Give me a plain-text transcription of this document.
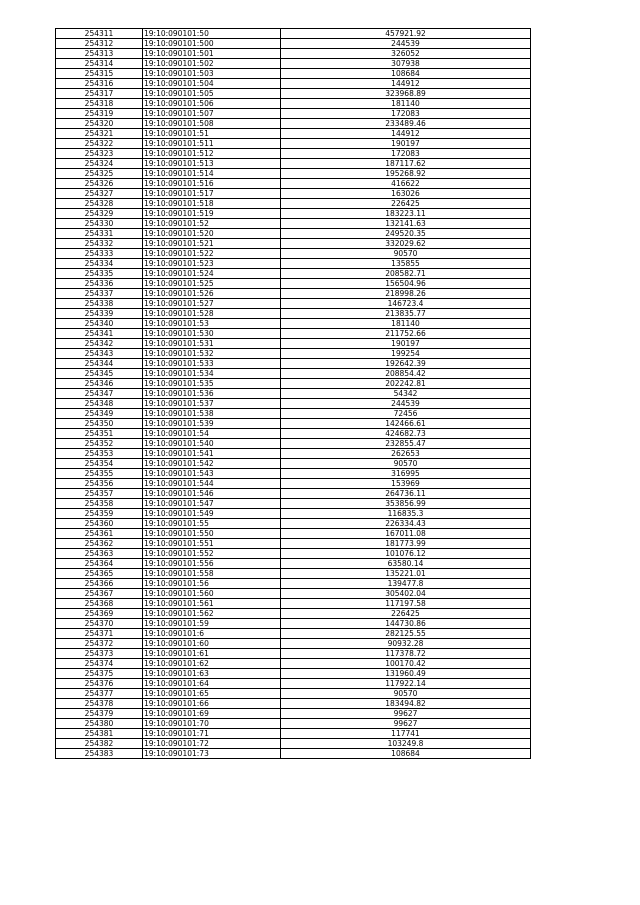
254311	19:10:090101:50	457921.92
254312	19:10:090101:500	244539
254313	19:10:090101:501	326052
254314	19:10:090101:502	307938
254315	19:10:090101:503	108684
254316	19:10:090101:504	144912
254317	19:10:090101:505	323968.89
254318	19:10:090101:506	181140
254319	19:10:090101:507	172083
254320	19:10:090101:508	233489.46
254321	19:10:090101:51	144912
254322	19:10:090101:511	190197
254323	19:10:090101:512	172083
254324	19:10:090101:513	187117.62
254325	19:10:090101:514	195268.92
254326	19:10:090101:516	416622
254327	19:10:090101:517	163026
254328	19:10:090101:518	226425
254329	19:10:090101:519	183223.11
254330	19:10:090101:52	132141.63
254331	19:10:090101:520	249520.35
254332	19:10:090101:521	332029.62
254333	19:10:090101:522	90570
254334	19:10:090101:523	135855
254335	19:10:090101:524	208582.71
254336	19:10:090101:525	156504.96
254337	19:10:090101:526	218998.26
254338	19:10:090101:527	146723.4
254339	19:10:090101:528	213835.77
254340	19:10:090101:53	181140
254341	19:10:090101:530	211752.66
254342	19:10:090101:531	190197
254343	19:10:090101:532	199254
254344	19:10:090101:533	192642.39
254345	19:10:090101:534	208854.42
254346	19:10:090101:535	202242.81
254347	19:10:090101:536	54342
254348	19:10:090101:537	244539
254349	19:10:090101:538	72456
254350	19:10:090101:539	142466.61
254351	19:10:090101:54	424682.73
254352	19:10:090101:540	232855.47
254353	19:10:090101:541	262653
254354	19:10:090101:542	90570
254355	19:10:090101:543	316995
254356	19:10:090101:544	153969
254357	19:10:090101:546	264736.11
254358	19:10:090101:547	353856.99
254359	19:10:090101:549	116835.3
254360	19:10:090101:55	226334.43
254361	19:10:090101:550	167011.08
254362	19:10:090101:551	181773.99
254363	19:10:090101:552	101076.12
254364	19:10:090101:556	63580.14
254365	19:10:090101:558	135221.01
254366	19:10:090101:56	139477.8
254367	19:10:090101:560	305402.04
254368	19:10:090101:561	117197.58
254369	19:10:090101:562	226425
254370	19:10:090101:59	144730.86
254371	19:10:090101:6	282125.55
254372	19:10:090101:60	90932.28
254373	19:10:090101:61	117378.72
254374	19:10:090101:62	100170.42
254375	19:10:090101:63	131960.49
254376	19:10:090101:64	117922.14
254377	19:10:090101:65	90570
254378	19:10:090101:66	183494.82
254379	19:10:090101:69	99627
254380	19:10:090101:70	99627
254381	19:10:090101:71	117741
254382	19:10:090101:72	103249.8
254383	19:10:090101:73	108684
